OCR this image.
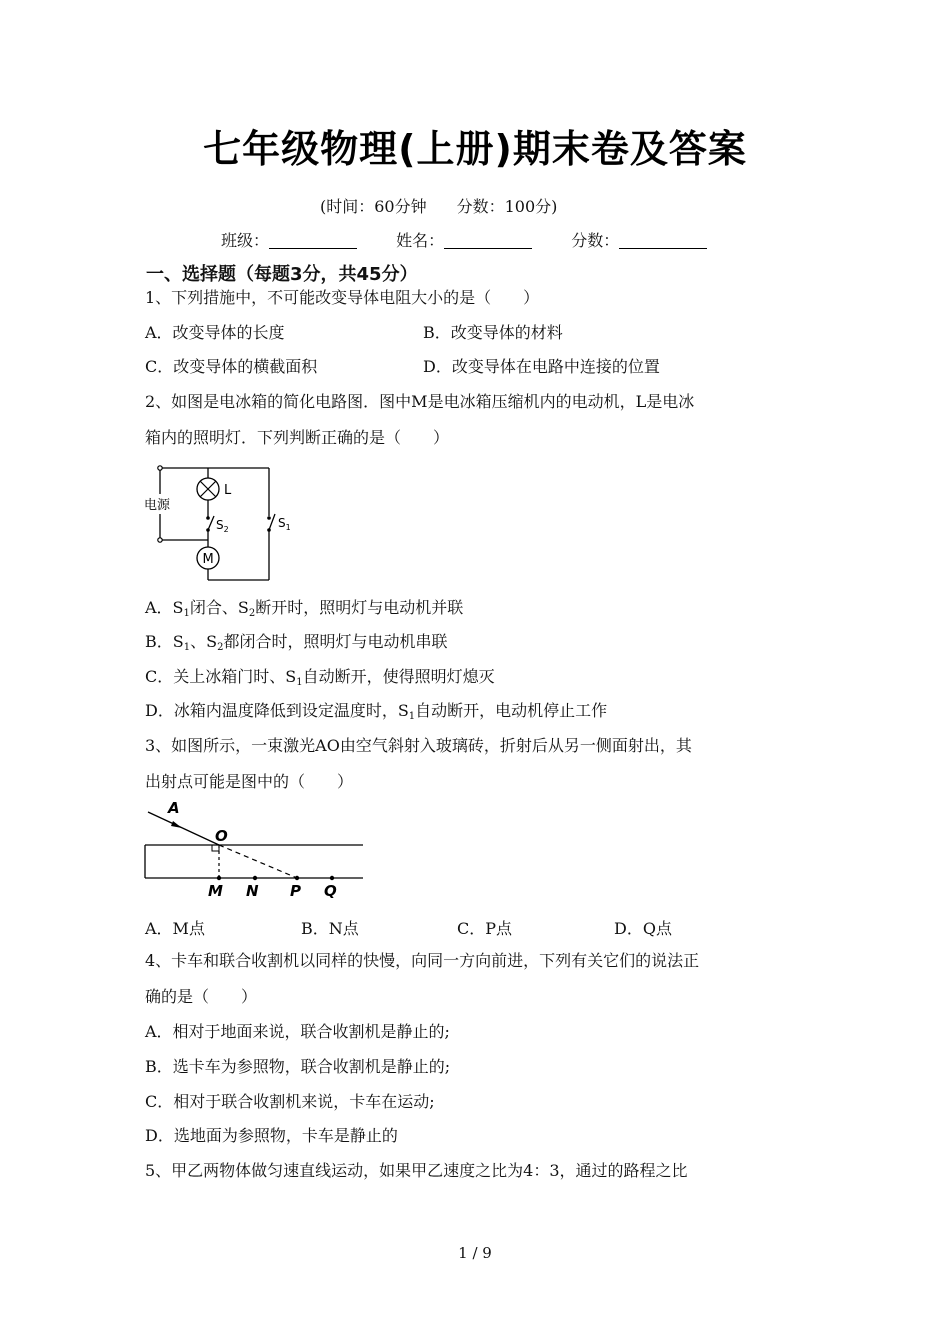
七年级物理(上册)期末卷及答案
(时间：60分钟 分数：100分)
班级：	姓名：	分数：
一、选择题（每题3分，共45分）
1、下列措施中，不可能改变导体电阻大小的是（　　）
A．改变导体的长度	B．改变导体的材料
C．改变导体的横截面积	D．改变导体在电路中连接的位置
2、如图是电冰箱的简化电路图．图中M是电冰箱压缩机内的电动机，L是电冰
箱内的照明灯．下列判断正确的是（　　）
电源
L
$S_2$	$S_1$
M
A．$S_1$闭合、$S_2$断开时，照明灯与电动机并联
B．$S_1$、$S_2$都闭合时，照明灯与电动机串联
C．关上冰箱门时、$S_1$自动断开，使得照明灯熄灭
D．冰箱内温度降低到设定温度时，$S_1$自动断开，电动机停止工作
3、如图所示，一束激光AO由空气斜射入玻璃砖，折射后从另一侧面射出，其
出射点可能是图中的（　　）
A
O
M N P Q
A．M点	B．N点	C．P点	D．Q点
4、卡车和联合收割机以同样的快慢，向同一方向前进，下列有关它们的说法正
确的是（　　）
A．相对于地面来说，联合收割机是静止的;
B．选卡车为参照物，联合收割机是静止的;
C．相对于联合收割机来说，卡车在运动;
D．选地面为参照物，卡车是静止的
5、甲乙两物体做匀速直线运动，如果甲乙速度之比为4：3，通过的路程之比
1 / 9
